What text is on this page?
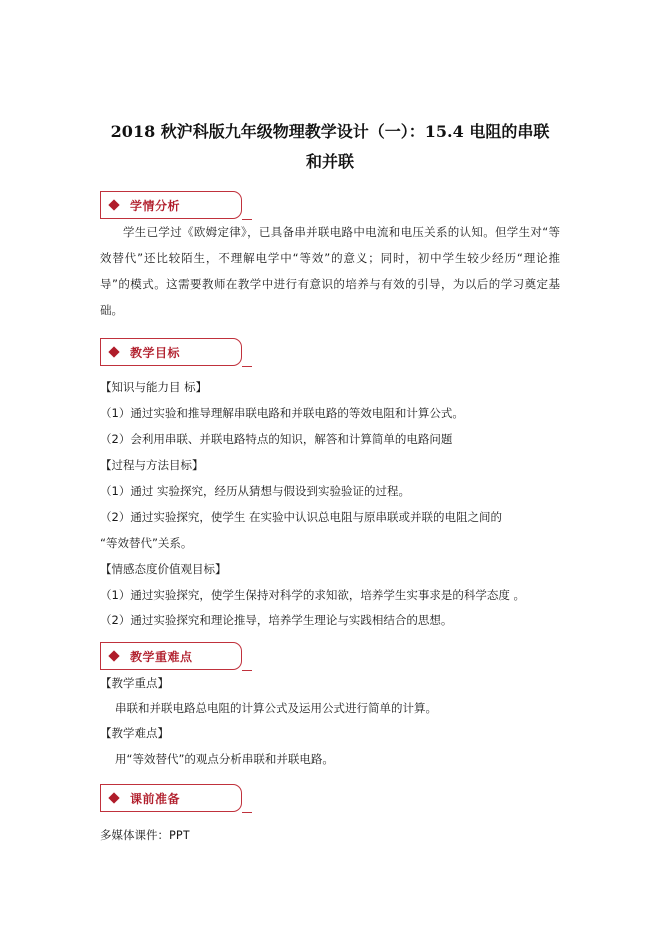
2018 秋沪科版九年级物理教学设计（一）：15.4 电阻的串联
和并联
学情分析
学生已学过《欧姆定律》，已具备串并联电路中电流和电压关系的认知。但学生对“等效替代”还比较陌生，不理解电学中“等效”的意义；同时，初中学生较少经历“理论推　导”的模式。这需要教师在教学中进行有意识的培养与有效的引导，为以后的学习奠定基础。
教学目标
【知识与能力目 标】
（1）通过实验和推导理解串联电路和并联电路的等效电阻和计算公式。
（2）会利用串联、并联电路特点的知识，解答和计算简单的电路问题
【过程与方法目标】
（1）通过 实验探究，经历从猜想与假设到实验验证的过程。
（2）通过实验探究，使学生 在实验中认识总电阻与原串联或并联的电阻之间的
“等效替代”关系。
【情感态度价值观目标】
（1）通过实验探究，使学生保持对科学的求知欲，培养学生实事求是的科学态度 。
（2）通过实验探究和理论推导，培养学生理论与实践相结合的思想。
教学重难点
【教学重点】
串联和并联电路总电阻的计算公式及运用公式进行简单的计算。
【教学难点】
用“等效替代”的观点分析串联和并联电路。
课前准备
多媒体课件：PPT
